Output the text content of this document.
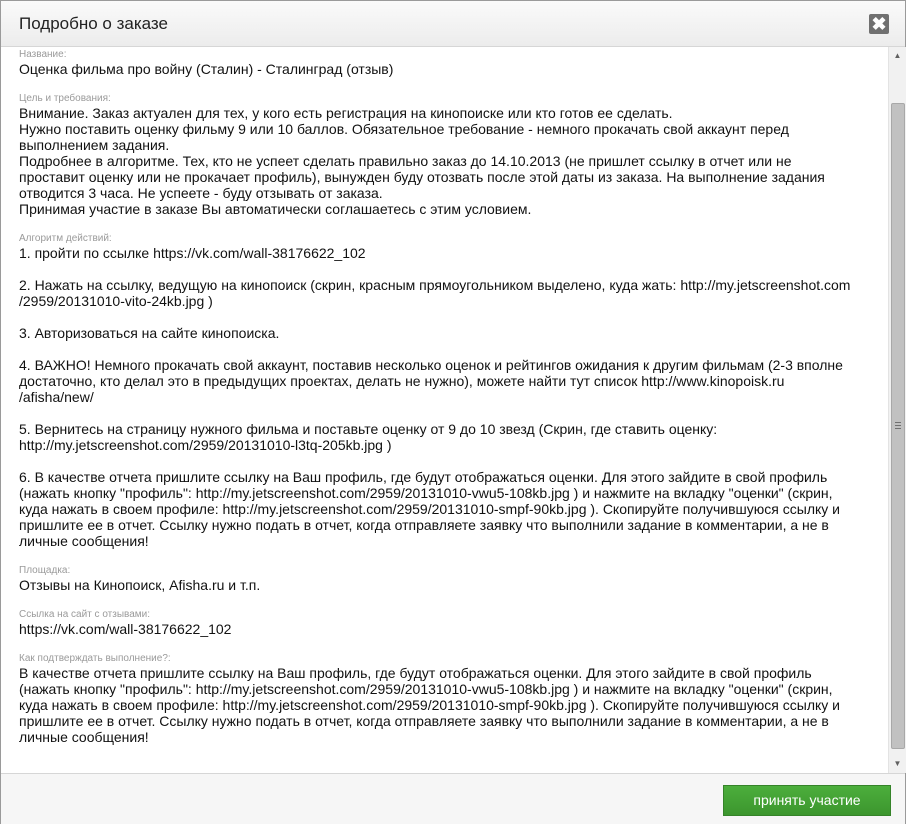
Подробно о заказе	✖
Название:
Оценка фильма про войну (Сталин) - Сталинград (отзыв)
Цель и требования:
Внимание. Заказ актуален для тех, у кого есть регистрация на кинопоиске или кто готов ее сделать.
Нужно поставить оценку фильму 9 или 10 баллов. Обязательное требование - немного прокачать свой аккаунт перед
выполнением задания.
Подробнее в алгоритме. Тех, кто не успеет сделать правильно заказ до 14.10.2013 (не пришлет ссылку в отчет или не
проставит оценку или не прокачает профиль), вынужден буду отозвать после этой даты из заказа. На выполнение задания
отводится 3 часа. Не успеете - буду отзывать от заказа.
Принимая участие в заказе Вы автоматически соглашаетесь с этим условием.
Алгоритм действий:
1. пройти по ссылке https://vk.com/wall-38176622_102

2. Нажать на ссылку, ведущую на кинопоиск (скрин, красным прямоугольником выделено, куда жать: http://my.jetscreenshot.com
/2959/20131010-vito-24kb.jpg )

3. Авторизоваться на сайте кинопоиска.

4. ВАЖНО! Немного прокачать свой аккаунт, поставив несколько оценок и рейтингов ожидания к другим фильмам (2-3 вполне
достаточно, кто делал это в предыдущих проектах, делать не нужно), можете найти тут список http://www.kinopoisk.ru
/afisha/new/

5. Вернитесь на страницу нужного фильма и поставьте оценку от 9 до 10 звезд (Скрин, где ставить оценку:
http://my.jetscreenshot.com/2959/20131010-l3tq-205kb.jpg )

6. В качестве отчета пришлите ссылку на Ваш профиль, где будут отображаться оценки. Для этого зайдите в свой профиль
(нажать кнопку "профиль": http://my.jetscreenshot.com/2959/20131010-vwu5-108kb.jpg ) и нажмите на вкладку "оценки" (скрин,
куда нажать в своем профиле: http://my.jetscreenshot.com/2959/20131010-smpf-90kb.jpg ). Скопируйте получившуюся ссылку и
пришлите ее в отчет. Ссылку нужно подать в отчет, когда отправляете заявку что выполнили задание в комментарии, а не в
личные сообщения!
Площадка:
Отзывы на Кинопоиск, Afisha.ru и т.п.
Ссылка на сайт с отзывами:
https://vk.com/wall-38176622_102
Как подтверждать выполнение?:
В качестве отчета пришлите ссылку на Ваш профиль, где будут отображаться оценки. Для этого зайдите в свой профиль
(нажать кнопку "профиль": http://my.jetscreenshot.com/2959/20131010-vwu5-108kb.jpg ) и нажмите на вкладку "оценки" (скрин,
куда нажать в своем профиле: http://my.jetscreenshot.com/2959/20131010-smpf-90kb.jpg ). Скопируйте получившуюся ссылку и
пришлите ее в отчет. Ссылку нужно подать в отчет, когда отправляете заявку что выполнили задание в комментарии, а не в
личные сообщения!
▲
▼
принять участие
